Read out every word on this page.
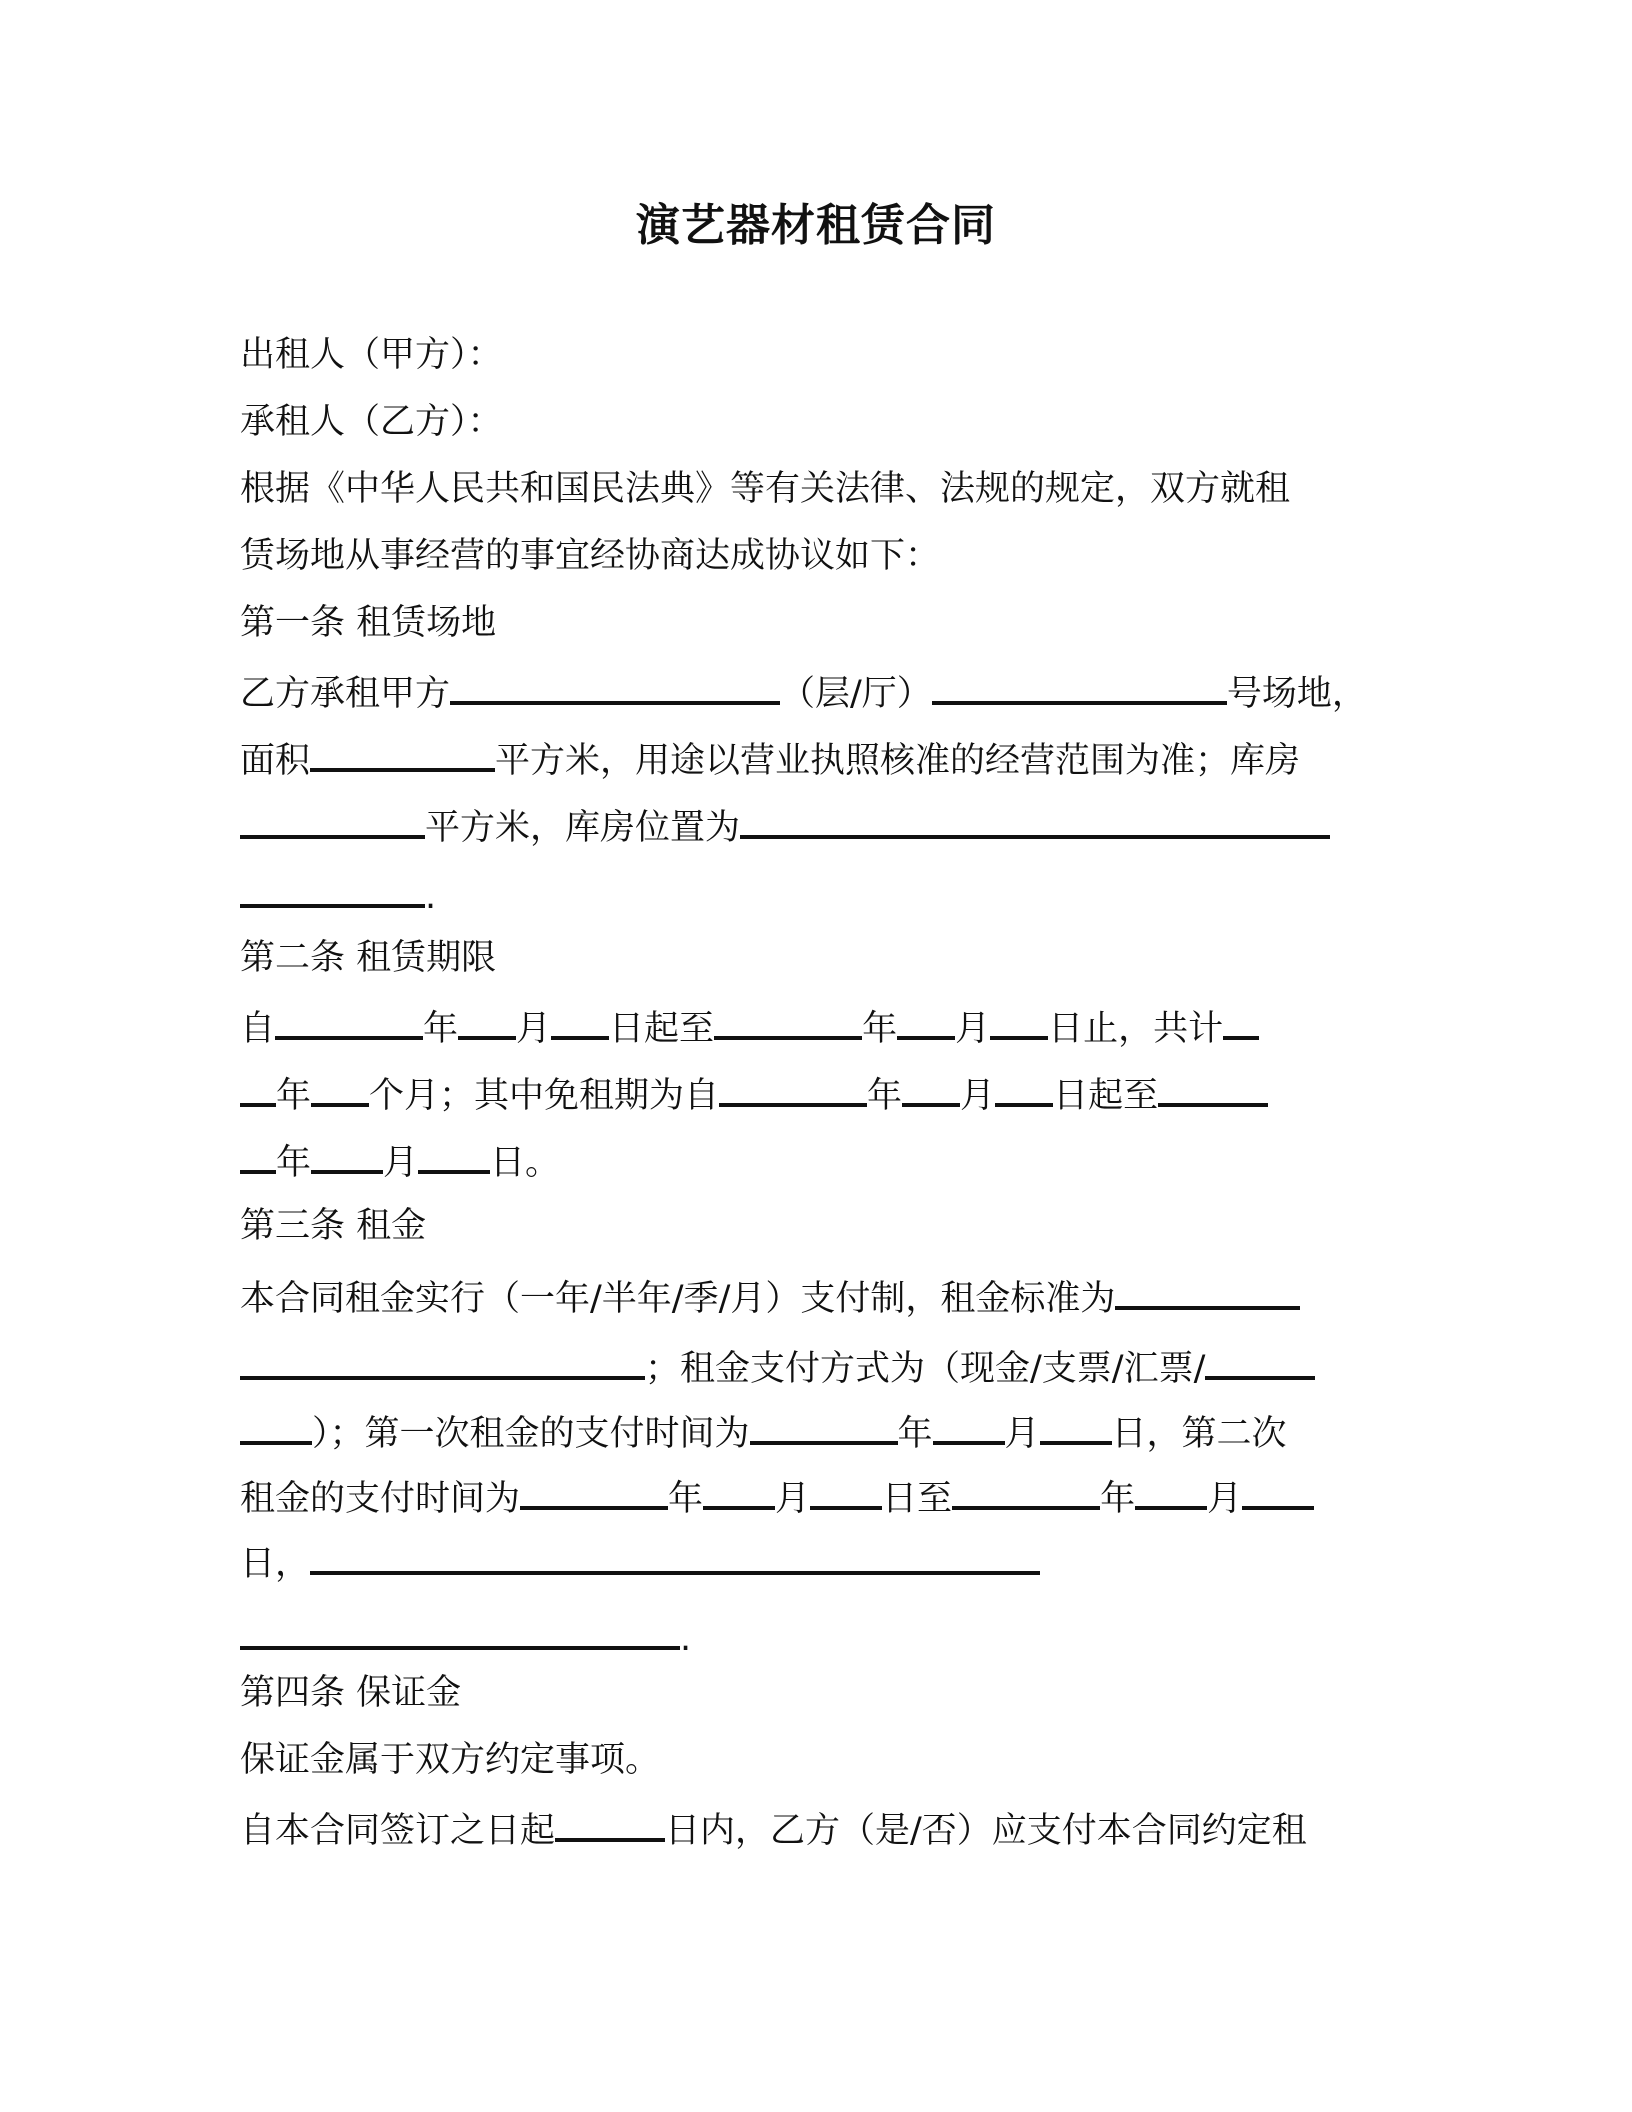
演艺器材租赁合同
出租人（甲方）：
承租人（乙方）：
根据《中华人民共和国民法典》等有关法律、法规的规定，双方就租
赁场地从事经营的事宜经协商达成协议如下：
第一条 租赁场地
乙方承租甲方	（层/厅）	号场地，
面积	平方米，用途以营业执照核准的经营范围为准；库房
平方米，库房位置为
.
第二条 租赁期限
自	年 月 日起至	年 月 日止，共计
年 个月；其中免租期为自	年 月 日起至
年 月 日。
第三条 租金
本合同租金实行（一年/半年/季/月）支付制，租金标准为
；租金支付方式为（现金/支票/汇票/
）；第一次租金的支付时间为	年 月 日，第二次
租金的支付时间为	年 月 日至	年 月
日，
.
第四条 保证金
保证金属于双方约定事项。
自本合同签订之日起	日内，乙方（是/否）应支付本合同约定租
